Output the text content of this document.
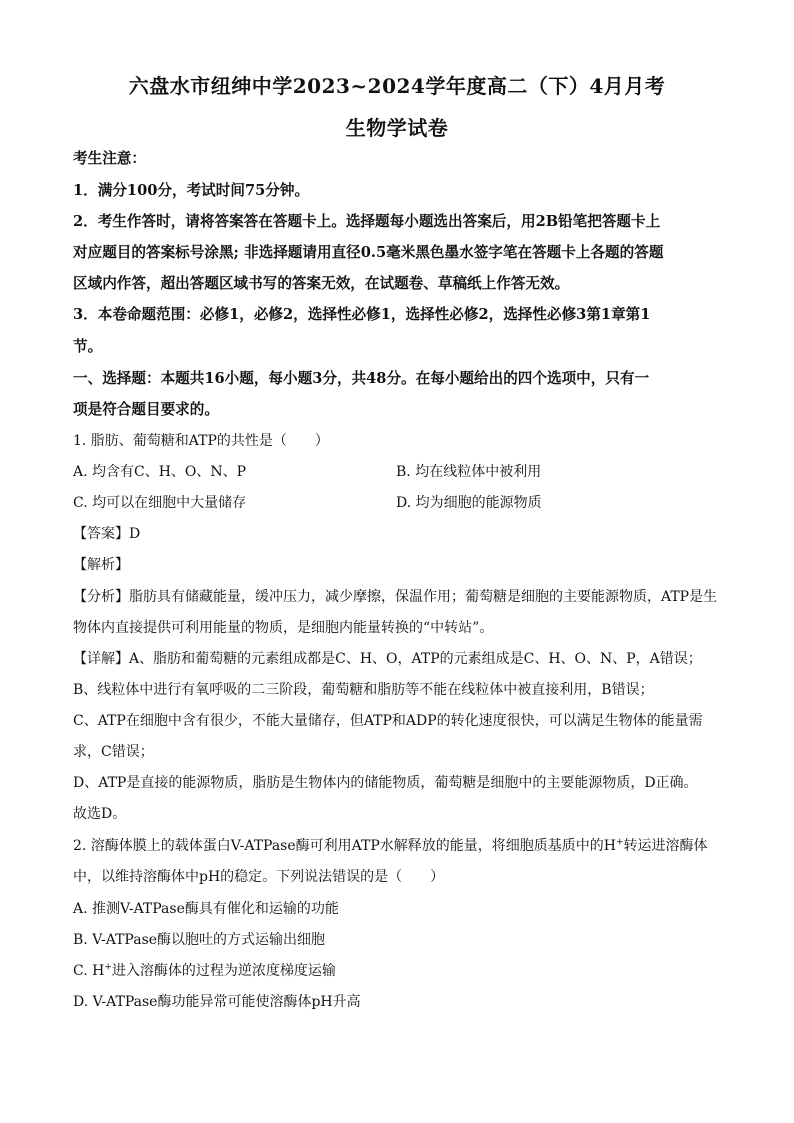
六盘水市纽绅中学2023~2024学年度高二（下）4月月考
生物学试卷
考生注意：
1．满分100分，考试时间75分钟。
2．考生作答时，请将答案答在答题卡上。选择题每小题选出答案后，用2B铅笔把答题卡上
对应题目的答案标号涂黑; 非选择题请用直径0.5毫米黑色墨水签字笔在答题卡上各题的答题
区域内作答，超出答题区域书写的答案无效，在试题卷、草稿纸上作答无效。
3．本卷命题范围：必修1，必修2，选择性必修1，选择性必修2，选择性必修3第1章第1
节。
一、选择题：本题共16小题，每小题3分，共48分。在每小题给出的四个选项中，只有一
项是符合题目要求的。
1. 脂肪、葡萄糖和ATP的共性是（　　）
A. 均含有C、H、O、N、P	B. 均在线粒体中被利用
C. 均可以在细胞中大量储存	D. 均为细胞的能源物质
【答案】D
【解析】
【分析】脂肪具有储藏能量，缓冲压力，减少摩擦，保温作用；葡萄糖是细胞的主要能源物质，ATP是生
物体内直接提供可利用能量的物质，是细胞内能量转换的“中转站”。
【详解】A、脂肪和葡萄糖的元素组成都是C、H、O，ATP的元素组成是C、H、O、N、P，A错误；
B、线粒体中进行有氧呼吸的二三阶段，葡萄糖和脂肪等不能在线粒体中被直接利用，B错误；
C、ATP在细胞中含有很少，不能大量储存，但ATP和ADP的转化速度很快，可以满足生物体的能量需
求，C错误；
D、ATP是直接的能源物质，脂肪是生物体内的储能物质，葡萄糖是细胞中的主要能源物质，D正确。
故选D。
2. 溶酶体膜上的载体蛋白V-ATPase酶可利用ATP水解释放的能量，将细胞质基质中的H+转运进溶酶体
中，以维持溶酶体中pH的稳定。下列说法错误的是（　　）
A. 推测V-ATPase酶具有催化和运输的功能
B. V-ATPase酶以胞吐的方式运输出细胞
C. H+进入溶酶体的过程为逆浓度梯度运输
D. V-ATPase酶功能异常可能使溶酶体pH升高
